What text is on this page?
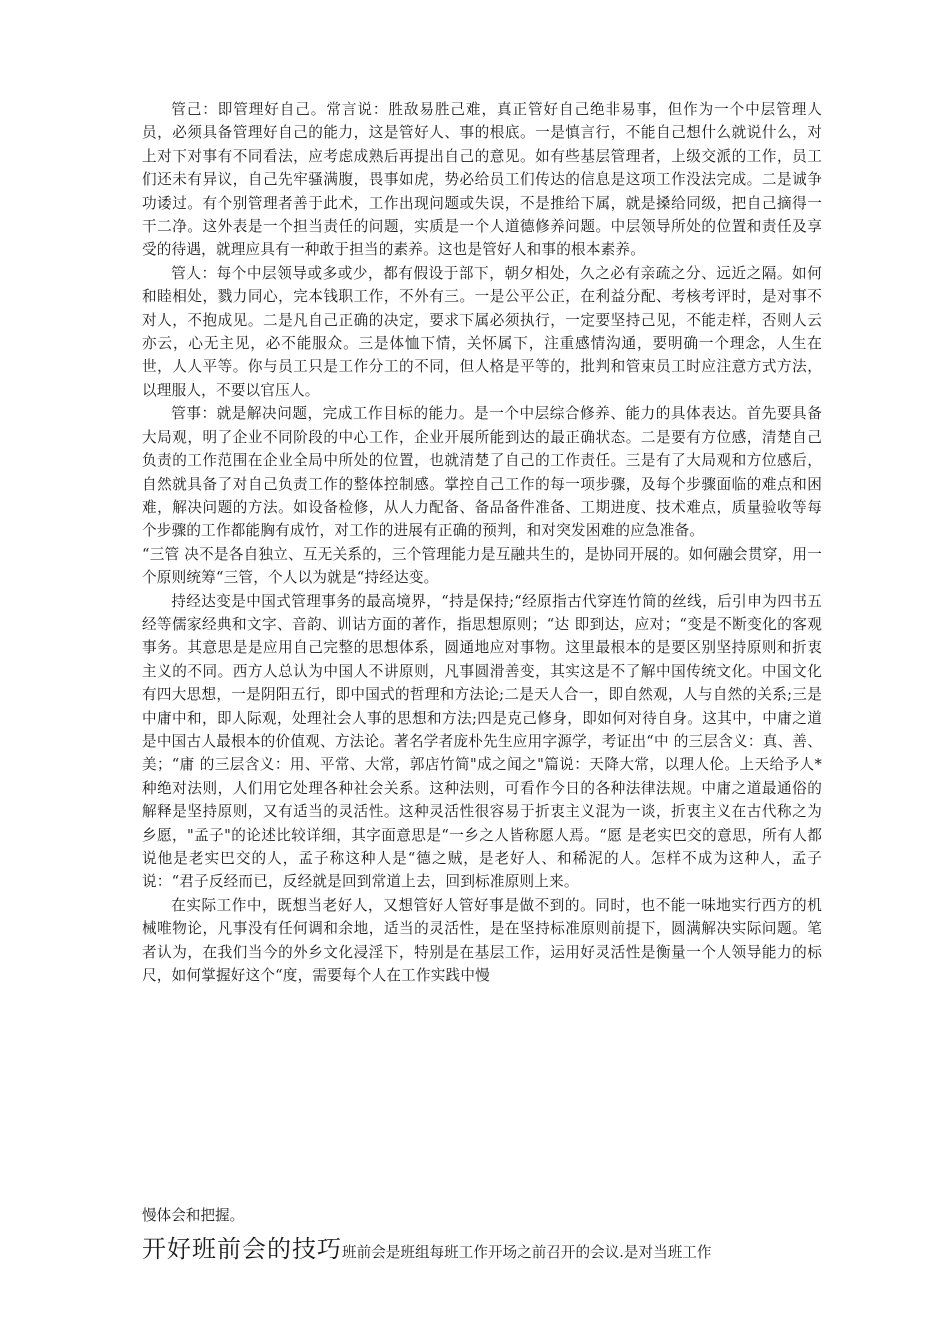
管己：即管理好自己。常言说：胜敌易胜己难，真正管好自己绝非易事，但作为一个中层管理人员，必须具备管理好自己的能力，这是管好人、事的根底。一是慎言行，不能自己想什么就说什么，对上对下对事有不同看法，应考虑成熟后再提出自己的意见。如有些基层管理者，上级交派的工作，员工们还未有异议，自己先牢骚满腹，畏事如虎，势必给员工们传达的信息是这项工作没法完成。二是诚争功诿过。有个别管理者善于此术，工作出现问题或失误，不是推给下属，就是搡给同级，把自己摘得一干二净。这外表是一个担当责任的问题，实质是一个人道德修养问题。中层领导所处的位置和责任及享受的待遇，就理应具有一种敢于担当的素养。这也是管好人和事的根本素养。

管人：每个中层领导或多或少，都有假设于部下，朝夕相处，久之必有亲疏之分、远近之隔。如何和睦相处，戮力同心，完本钱职工作，不外有三。一是公平公正，在利益分配、考核考评时，是对事不对人，不抱成见。二是凡自己正确的决定，要求下属必须执行，一定要坚持己见，不能走样，否则人云亦云，心无主见，必不能服众。三是体恤下情，关怀属下，注重感情沟通，要明确一个理念，人生在世，人人平等。你与员工只是工作分工的不同，但人格是平等的，批判和管束员工时应注意方式方法，以理服人，不要以官压人。

管事：就是解决问题，完成工作目标的能力。是一个中层综合修养、能力的具体表达。首先要具备大局观，明了企业不同阶段的中心工作，企业开展所能到达的最正确状态。二是要有方位感，清楚自己负责的工作范围在企业全局中所处的位置，也就清楚了自己的工作责任。三是有了大局观和方位感后，自然就具备了对自己负责工作的整体控制感。掌控自己工作的每一项步骤，及每个步骤面临的难点和困难，解决问题的方法。如设备检修，从人力配备、备品备件准备、工期进度、技术难点，质量验收等每个步骤的工作都能胸有成竹，对工作的进展有正确的预判，和对突发困难的应急准备。

“三管 决不是各自独立、互无关系的，三个管理能力是互融共生的，是协同开展的。如何融会贯穿，用一个原则统筹“三管，个人以为就是“持经达变。

持经达变是中国式管理事务的最高境界，“持是保持;“经原指古代穿连竹简的丝线，后引申为四书五经等儒家经典和文字、音韵、训诂方面的著作，指思想原则；“达 即到达，应对；“变是不断变化的客观事务。其意思是是应用自己完整的思想体系，圆通地应对事物。这里最根本的是要区别坚持原则和折衷主义的不同。西方人总认为中国人不讲原则，凡事圆滑善变，其实这是不了解中国传统文化。中国文化有四大思想，一是阴阳五行，即中国式的哲理和方法论;二是天人合一，即自然观，人与自然的关系;三是中庸中和，即人际观，处理社会人事的思想和方法;四是克己修身，即如何对待自身。这其中，中庸之道是中国古人最根本的价值观、方法论。著名学者庞朴先生应用字源学，考证出“中 的三层含义：真、善、美；“庸 的三层含义：用、平常、大常，郭店竹简"成之闻之"篇说：天降大常，以理人伦。上天给予人*种绝对法则，人们用它处理各种社会关系。这种法则，可看作今日的各种法律法规。中庸之道最通俗的解释是坚持原则，又有适当的灵活性。这种灵活性很容易于折衷主义混为一谈，折衷主义在古代称之为乡愿，"孟子"的论述比较详细，其字面意思是“一乡之人皆称愿人焉。“愿 是老实巴交的意思，所有人都说他是老实巴交的人，孟子称这种人是“德之贼，是老好人、和稀泥的人。怎样不成为这种人，孟子说：“君子反经而已，反经就是回到常道上去，回到标准原则上来。

在实际工作中，既想当老好人，又想管好人管好事是做不到的。同时，也不能一味地实行西方的机械唯物论，凡事没有任何调和余地，适当的灵活性，是在坚持标准原则前提下，圆满解决实际问题。笔者认为，在我们当今的外乡文化浸淫下，特别是在基层工作，运用好灵活性是衡量一个人领导能力的标尺，如何掌握好这个“度，需要每个人在工作实践中慢

慢体会和把握。

开好班前会的技巧班前会是班组每班工作开场之前召开的会议.是对当班工作
